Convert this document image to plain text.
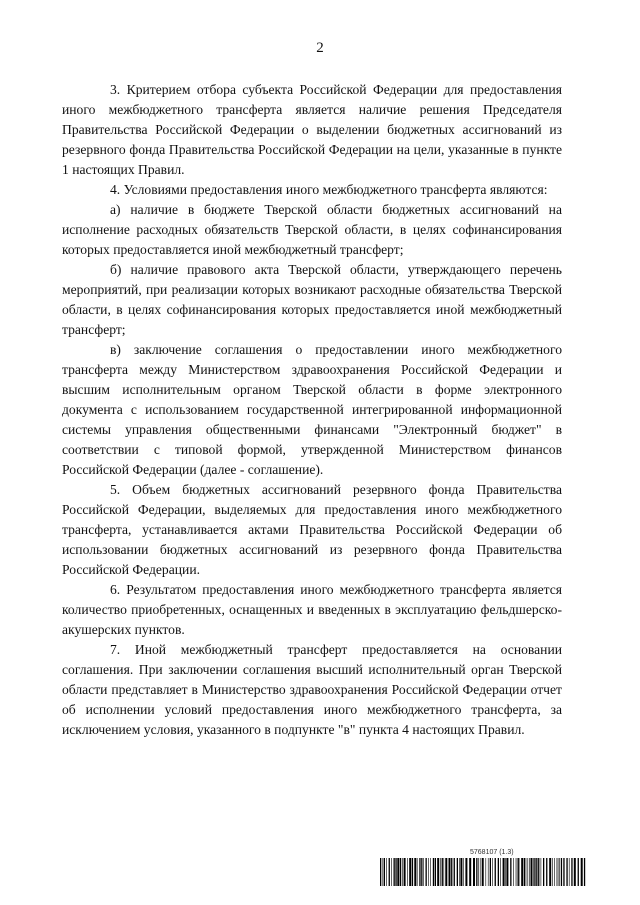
2

3. Критерием отбора субъекта Российской Федерации для предоставления иного межбюджетного трансферта является наличие решения Председателя Правительства Российской Федерации о выделении бюджетных ассигнований из резервного фонда Правительства Российской Федерации на цели, указанные в пункте 1 настоящих Правил.

4. Условиями предоставления иного межбюджетного трансферта являются:

а) наличие в бюджете Тверской области бюджетных ассигнований на исполнение расходных обязательств Тверской области, в целях софинансирования которых предоставляется иной межбюджетный трансферт;

б) наличие правового акта Тверской области, утверждающего перечень мероприятий, при реализации которых возникают расходные обязательства Тверской области, в целях софинансирования которых предоставляется иной межбюджетный трансферт;

в) заключение соглашения о предоставлении иного межбюджетного трансферта между Министерством здравоохранения Российской Федерации и высшим исполнительным органом Тверской области в форме электронного документа с использованием государственной интегрированной информационной системы управления общественными финансами "Электронный бюджет" в соответствии с типовой формой, утвержденной Министерством финансов Российской Федерации (далее - соглашение).

5. Объем бюджетных ассигнований резервного фонда Правительства Российской Федерации, выделяемых для предоставления иного межбюджетного трансферта, устанавливается актами Правительства Российской Федерации об использовании бюджетных ассигнований из резервного фонда Правительства Российской Федерации.

6. Результатом предоставления иного межбюджетного трансферта является количество приобретенных, оснащенных и введенных в эксплуатацию фельдшерско-акушерских пунктов.

7. Иной межбюджетный трансферт предоставляется на основании соглашения. При заключении соглашения высший исполнительный орган Тверской области представляет в Министерство здравоохранения Российской Федерации отчет об исполнении условий предоставления иного межбюджетного трансферта, за исключением условия, указанного в подпункте "в" пункта 4 настоящих Правил.

5768107 (1.3)
